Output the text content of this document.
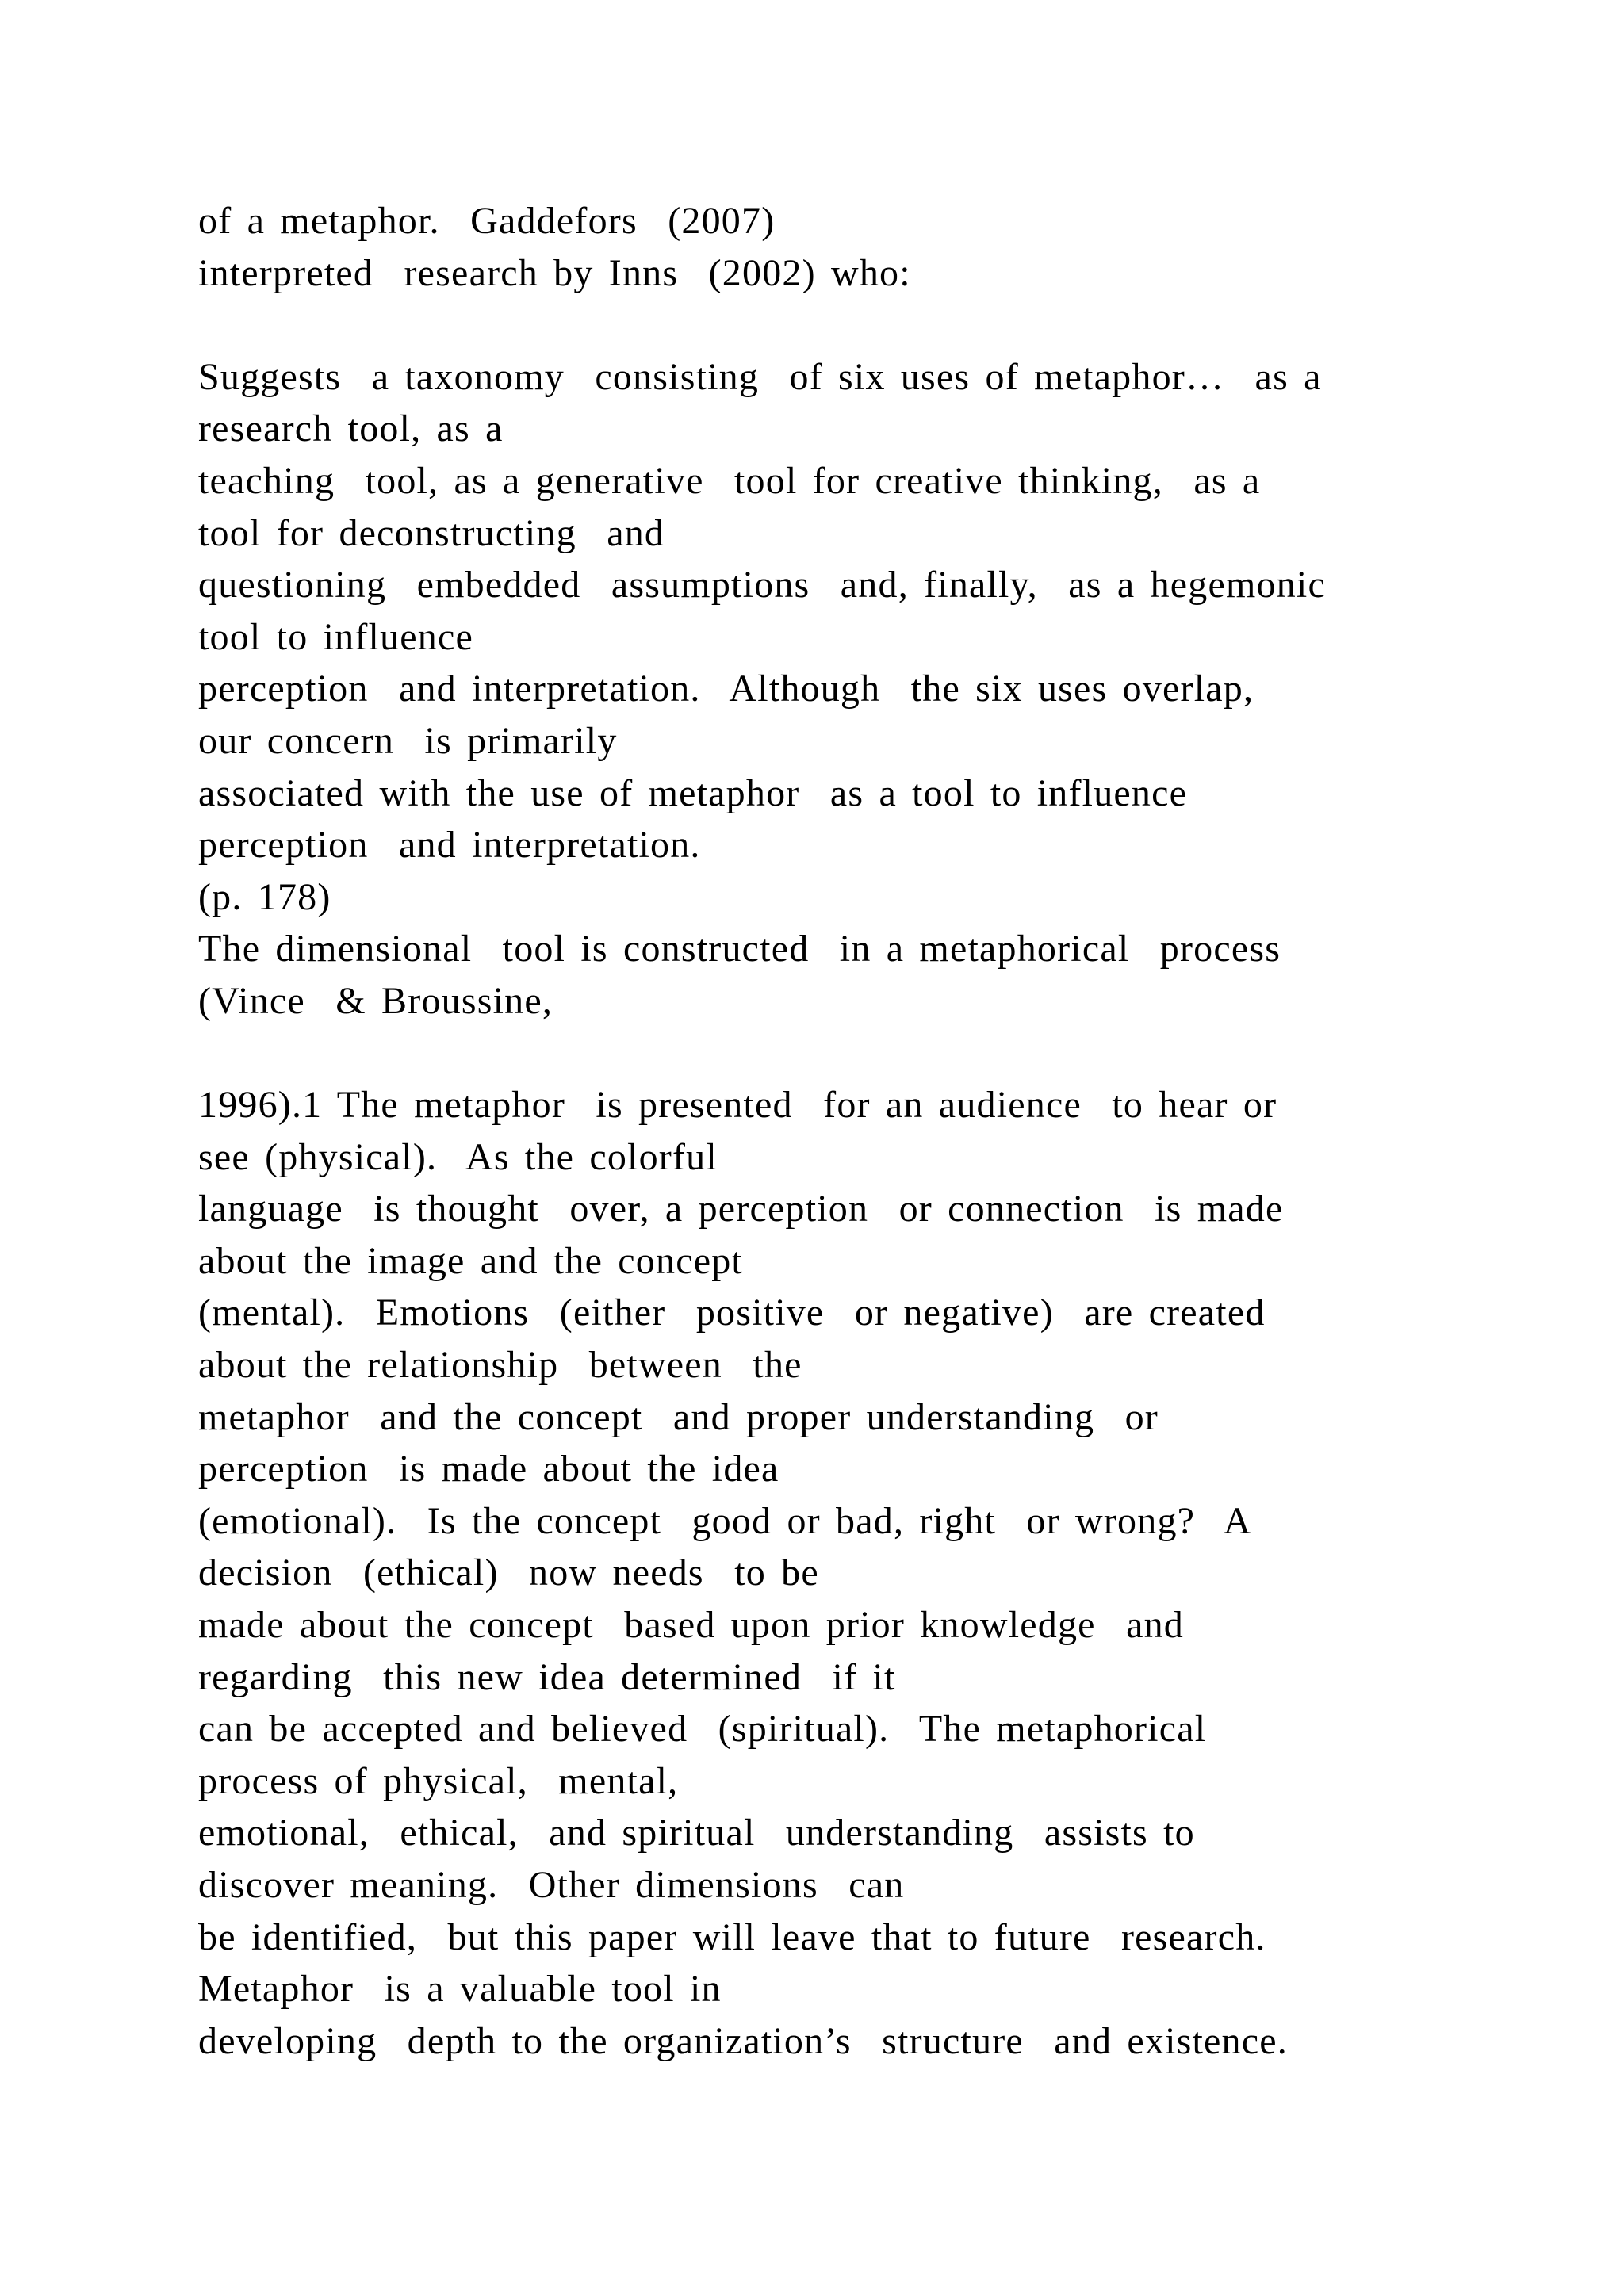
of a metaphor.  Gaddefors  (2007)
interpreted  research by Inns  (2002) who:
Suggests  a taxonomy  consisting  of six uses of metaphor…  as a
research tool, as a
teaching  tool, as a generative  tool for creative thinking,  as a
tool for deconstructing  and
questioning  embedded  assumptions  and, finally,  as a hegemonic
tool to influence
perception  and interpretation.  Although  the six uses overlap,
our concern  is primarily
associated with the use of metaphor  as a tool to influence
perception  and interpretation.
(p. 178)
The dimensional  tool is constructed  in a metaphorical  process
(Vince  & Broussine,
1996).1 The metaphor  is presented  for an audience  to hear or
see (physical).  As the colorful
language  is thought  over, a perception  or connection  is made
about the image and the concept
(mental).  Emotions  (either  positive  or negative)  are created
about the relationship  between  the
metaphor  and the concept  and proper understanding  or
perception  is made about the idea
(emotional).  Is the concept  good or bad, right  or wrong?  A
decision  (ethical)  now needs  to be
made about the concept  based upon prior knowledge  and
regarding  this new idea determined  if it
can be accepted and believed  (spiritual).  The metaphorical
process of physical,  mental,
emotional,  ethical,  and spiritual  understanding  assists to
discover meaning.  Other dimensions  can
be identified,  but this paper will leave that to future  research.
Metaphor  is a valuable tool in
developing  depth to the organization’s  structure  and existence.
